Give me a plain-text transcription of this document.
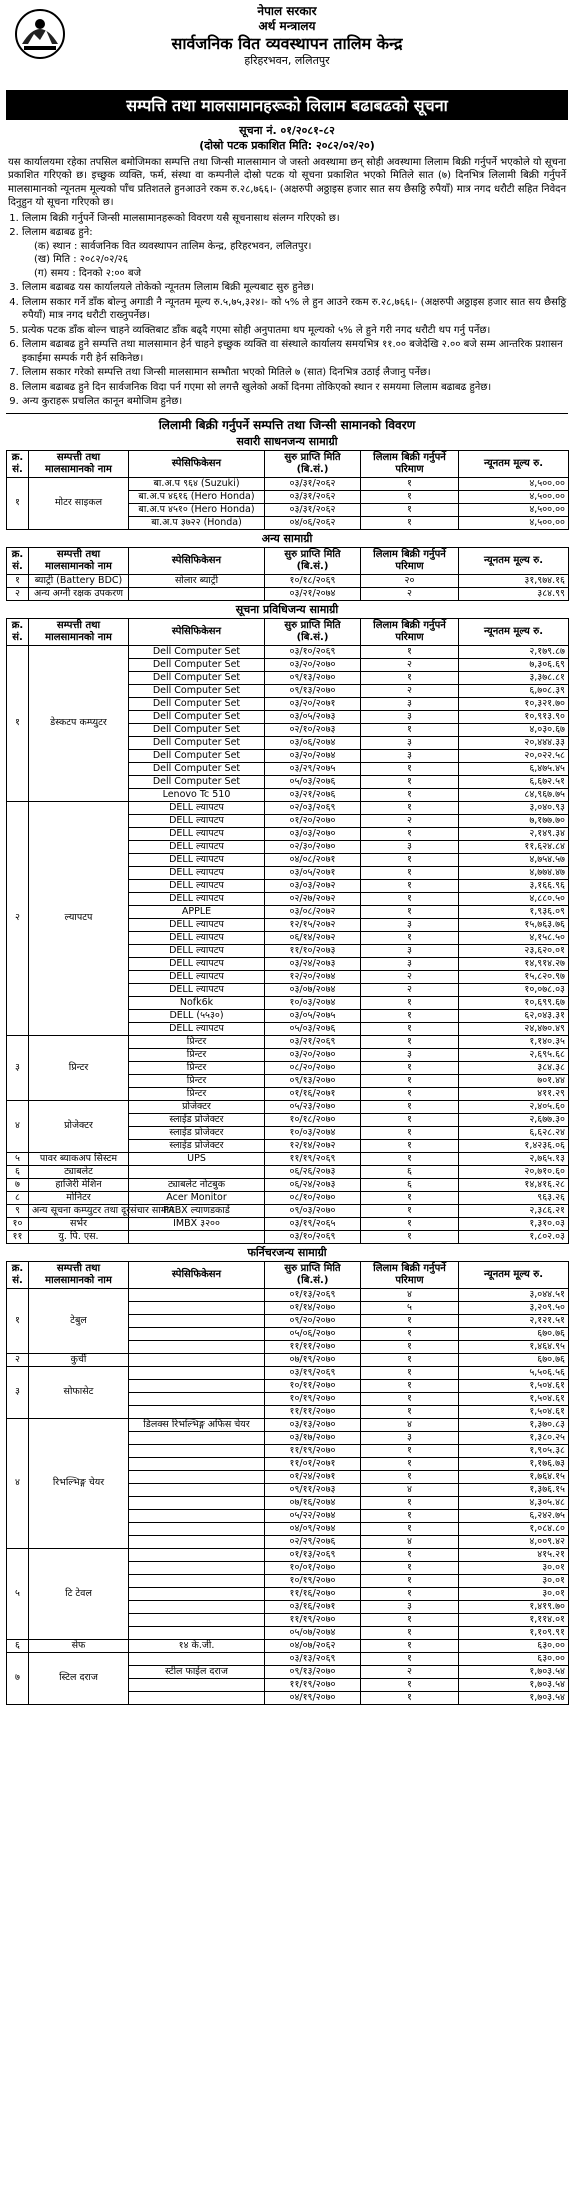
नेपाल सरकार
अर्थ मन्त्रालय
सार्वजनिक वित व्यवस्थापन तालिम केन्द्र
हरिहरभवन, ललितपुर
सम्पत्ति तथा मालसामानहरूको लिलाम बढाबढको सूचना
सूचना नं. ०१/२०८१-८२
(दोस्रो पटक प्रकाशित मिति: २०८२/०२/२०)
यस कार्यालयमा रहेका तपसिल बमोजिमका सम्पत्ति तथा जिन्सी मालसामान जे जस्तो अवस्थामा छन् सोही अवस्थामा लिलाम बिक्री गर्नुपर्ने भएकोले यो सूचना प्रकाशित गरिएको छ। इच्छुक व्यक्ति, फर्म, संस्था वा कम्पनीले दोस्रो पटक यो सूचना प्रकाशित भएको मितिले सात (७) दिनभित्र लिलामी बिक्री गर्नुपर्ने मालसामानको न्यूनतम मूल्यको पाँच प्रतिशतले हुनआउने रकम रु.२८,७६६।- (अक्षरुपी अठ्ठाइस हजार सात सय छैसठ्ठि रुपैयाँ) मात्र नगद धरौटी सहित निवेदन दिनुहुन यो सूचना गरिएको छ।
1. लिलाम बिक्री गर्नुपर्ने जिन्सी मालसामानहरूको विवरण यसै सूचनासाथ संलग्न गरिएको छ।
2. लिलाम बढाबढ हुने:
(क) स्थान : सार्वजनिक वित व्यवस्थापन तालिम केन्द्र, हरिहरभवन, ललितपुर।
(ख) मिति : २०८२/०२/२६
(ग) समय : दिनको २:०० बजे
3. लिलाम बढाबढ यस कार्यालयले तोकेको न्यूनतम लिलाम बिक्री मूल्यबाट सुरु हुनेछ।
4. लिलाम सकार गर्ने डाँक बोल्नु अगाडी नै न्यूनतम मूल्य रु.५,७५,३२४।- को ५% ले हुन आउने रकम रु.२८,७६६।- (अक्षरुपी अठ्ठाइस हजार सात सय छैसठ्ठि रुपैयाँ) मात्र नगद धरौटी राख्नुपर्नेछ।
5. प्रत्येक पटक डाँक बोल्न चाहने व्यक्तिबाट डाँक बढ्दै गएमा सोही अनुपातमा थप मूल्यको ५% ले हुने गरी नगद धरौटी थप गर्नु पर्नेछ।
6. लिलाम बढाबढ हुने सम्पत्ति तथा मालसामान हेर्न चाहने इच्छुक व्यक्ति वा संस्थाले कार्यालय समयभित्र ११.०० बजेदेखि २.०० बजे सम्म आन्तरिक प्रशासन इकाईमा सम्पर्क गरी हेर्न सकिनेछ।
7. लिलाम सकार गरेको सम्पत्ति तथा जिन्सी मालसामान सम्भौता भएको मितिले ७ (सात) दिनभित्र उठाई लैजानु पर्नेछ।
8. लिलाम बढाबढ हुने दिन सार्वजनिक विदा पर्न गएमा सो लगत्तै खुलेको अर्को दिनमा तोकिएको स्थान र समयमा लिलाम बढाबढ हुनेछ।
9. अन्य कुराहरू प्रचलित कानून बमोजिम हुनेछ।
लिलामी बिक्री गर्नुपर्ने सम्पत्ति तथा जिन्सी सामानको विवरण
सवारी साधनजन्य सामाग्री
क्र. सं.	सम्पत्ती तथा मालसामानको नाम	स्पेसिफिकेसन	सुरु प्राप्ति मिति (बि.सं.)	लिलाम बिक्री गर्नुपर्ने परिमाण	न्यूनतम मूल्य रु.
१	मोटर साइकल	बा.अ.प ९६४ (Suzuki)	०३/३१/२०६२	१	४,५००.००
		बा.अ.प ४६१६ (Hero Honda)	०३/३१/२०६२	१	४,५००.००
		बा.अ.प ४५१० (Hero Honda)	०३/३१/२०६२	१	४,५००.००
		बा.अ.प ३७२२ (Honda)	०४/०६/२०६२	१	४,५००.००
अन्य सामाग्री
क्र. सं.	सम्पत्ती तथा मालसामानको नाम	स्पेसिफिकेसन	सुरु प्राप्ति मिति (बि.सं.)	लिलाम बिक्री गर्नुपर्ने परिमाण	न्यूनतम मूल्य रु.
१	ब्याट्री (Battery BDC)	सोलार ब्याट्री	१०/१८/२०६९	२०	३१,९७४.१६
२	अन्य अग्नी रक्षक उपकरण		०३/२१/२०७४	२	३८४.९९
सूचना प्रविधिजन्य सामाग्री
क्र. सं.	सम्पत्ती तथा मालसामानको नाम	स्पेसिफिकेसन	सुरु प्राप्ति मिति (बि.सं.)	लिलाम बिक्री गर्नुपर्ने परिमाण	न्यूनतम मूल्य रु.
१	डेस्कटप कम्प्युटर	Dell Computer Set	०३/१०/२०६९	१	२,१७९.८७
		Dell Computer Set	०३/२०/२०७०	२	७,३०६.६९
		Dell Computer Set	०९/१३/२०७०	१	३,३७८.८१
		Dell Computer Set	०९/१३/२०७०	२	६,७०८.३९
		Dell Computer Set	०३/२०/२०७१	३	१०,३२१.७०
		Dell Computer Set	०३/०५/२०७३	३	१०,९१३.९०
		Dell Computer Set	०२/१०/२०७३	१	४,०३०.६७
		Dell Computer Set	०३/०६/२०७४	३	२०,४४४.३३
		Dell Computer Set	०३/२०/२०७४	३	२०,०२२.५८
		Dell Computer Set	०३/२९/२०७५	१	६,४७५.४५
		Dell Computer Set	०५/०३/२०७६	१	६,६७२.५१
		Lenovo Tc 510	०३/२१/२०७६	१	८४,९६७.७५
२	ल्यापटप	DELL ल्यापटप	०२/०३/२०६९	१	३,०४०.९३
		DELL ल्यापटप	०१/२०/२०७०	२	७,१७७.७०
		DELL ल्यापटप	०३/०३/२०७०	१	२,१४९.३४
		DELL ल्यापटप	०२/३०/२०७०	३	११,६२४.८४
		DELL ल्यापटप	०४/०८/२०७१	१	४,७५४.५७
		DELL ल्यापटप	०३/०५/२०७१	१	४,७७४.४७
		DELL ल्यापटप	०३/०३/२०७२	१	३,१६६.९६
		DELL ल्यापटप	०२/२७/२०७२	१	४,८८०.५०
		APPLE	०३/०८/२०७२	१	१,९३६.०९
		DELL ल्यापटप	१२/१५/२०७२	३	१५,७६३.७६
		DELL ल्यापटप	०६/१४/२०७२	१	४,१५८.५०
		DELL ल्यापटप	११/१०/२०७३	३	२३,६२०.०१
		DELL ल्यापटप	०३/२४/२०७३	३	१४,९१४.२७
		DELL ल्यापटप	१२/२०/२०७४	२	१५,८२०.९७
		DELL ल्यापटप	०३/०७/२०७४	२	१०,०७८.०३
		Nofk6k	१०/०३/२०७४	१	१०,६९९.६७
		DELL (५५३०)	०३/०५/२०७५	१	६२,०४३.३१
		DELL ल्यापटप	०५/०३/२०७६	१	२४,४७०.४९
३	प्रिन्टर	प्रिन्टर	०३/२१/२०६९	१	१,१४०.३५
		प्रिन्टर	०३/२०/२०७०	३	२,६९५.६८
		प्रिन्टर	०८/२०/२०७०	१	३८४.३८
		प्रिन्टर	०९/१३/२०७०	१	७०१.४४
		प्रिन्टर	०१/१६/२०७१	१	४११.२९
४	प्रोजेक्टर	प्रोजेक्टर	०५/२३/२०७०	१	२,४०५.६०
		स्लाईड प्रोजेक्टर	१०/१८/२०७०	१	२,६७७.३०
		स्लाईड प्रोजेक्टर	१०/०३/२०७४	१	६,६२८.२४
		स्लाईड प्रोजेक्टर	१२/१४/२०७२	१	१,४२३६.०६
५	पावर ब्याकअप सिस्टम	UPS	११/१९/२०६९	१	२,७६५.१३
६	ट्याबलेट		०६/२६/२०७३	६	२०,७१०.६०
७	हाजिरी मेशिन	ट्याबलेट नोटबुक	०६/२४/२०७३	६	१४,४१६.२८
८	मोनिटर	Acer Monitor	०८/१०/२०७०	१	९६३.२६
९	अन्य सूचना कम्प्युटर तथा दूरसंचार सामान	PABX ल्याणडकार्ड	०९/०३/२०७०	१	२,३८६.२१
१०	सर्भर	IMBX ३२००	०३/१९/२०६५	१	१,३१०.०३
११	यु. पि. एस.		०३/१०/२०६९	१	१,८०२.०३
फर्निचरजन्य सामाग्री
क्र. सं.	सम्पत्ती तथा मालसामानको नाम	स्पेसिफिकेसन	सुरु प्राप्ति मिति (बि.सं.)	लिलाम बिक्री गर्नुपर्ने परिमाण	न्यूनतम मूल्य रु.
१	टेबुल		०१/१३/२०६९	४	३,०४४.५१
			०१/१४/२०७०	५	३,२०९.५०
			०९/२०/२०७०	१	२,१२१.५१
			०५/०६/२०७०	१	६७०.७६
			११/११/२०७०	१	१,४६४.९५
२	कुर्ची		०७/१९/२०७०	१	६७०.७६
३	सोफासेट		०३/१९/२०६९	१	५,५०६.५६
			१०/११/२०७०	१	१,५०४.६१
			१०/१९/२०७०	१	१,५०४.६१
			११/११/२०७०	१	१,५०४.६१
४	रिभल्भिङ्ग चेयर	डिलक्स रिभल्भिङ्ग अफिस चेयर	०३/१३/२०७०	४	१,३७०.८३
			०३/१७/२०७०	३	१,३८०.२५
			११/१९/२०७०	१	१,९०५.३८
			११/०१/२०७१	१	१,१७६.७३
			०१/२४/२०७१	१	१,७६४.१५
			०९/११/२०७३	४	१,३७६.१५
			०७/१६/२०७४	१	४,३०५.४८
			०५/२२/२०७४	१	६,२४२.७५
			०४/०९/२०७४	१	१,०८४.८०
			०२/२९/२०७६	४	४,००९.४२
५	टि टेवल		०१/१३/२०६९	१	४१५.२१
			१०/०१/२०७०	१	३०.०१
			१०/१९/२०७०	१	३०.०१
			११/१६/२०७०	१	३०.०१
			०३/१६/२०७१	३	१,४१९.७०
			११/१९/२०७०	१	१,११४.०१
			०५/०७/२०७४	१	१,१०९.९१
६	सेफ	१४ के.जी.	०४/०७/२०६२	१	६३०.००
७	स्टिल दराज		०३/१३/२०६९	१	६३०.००
		स्टील फाईल दराज	०९/१३/२०७०	२	१,७०३.५४
			११/१९/२०७०	१	१,७०३.५४
			०४/१९/२०७०	१	१,७०३.५४
